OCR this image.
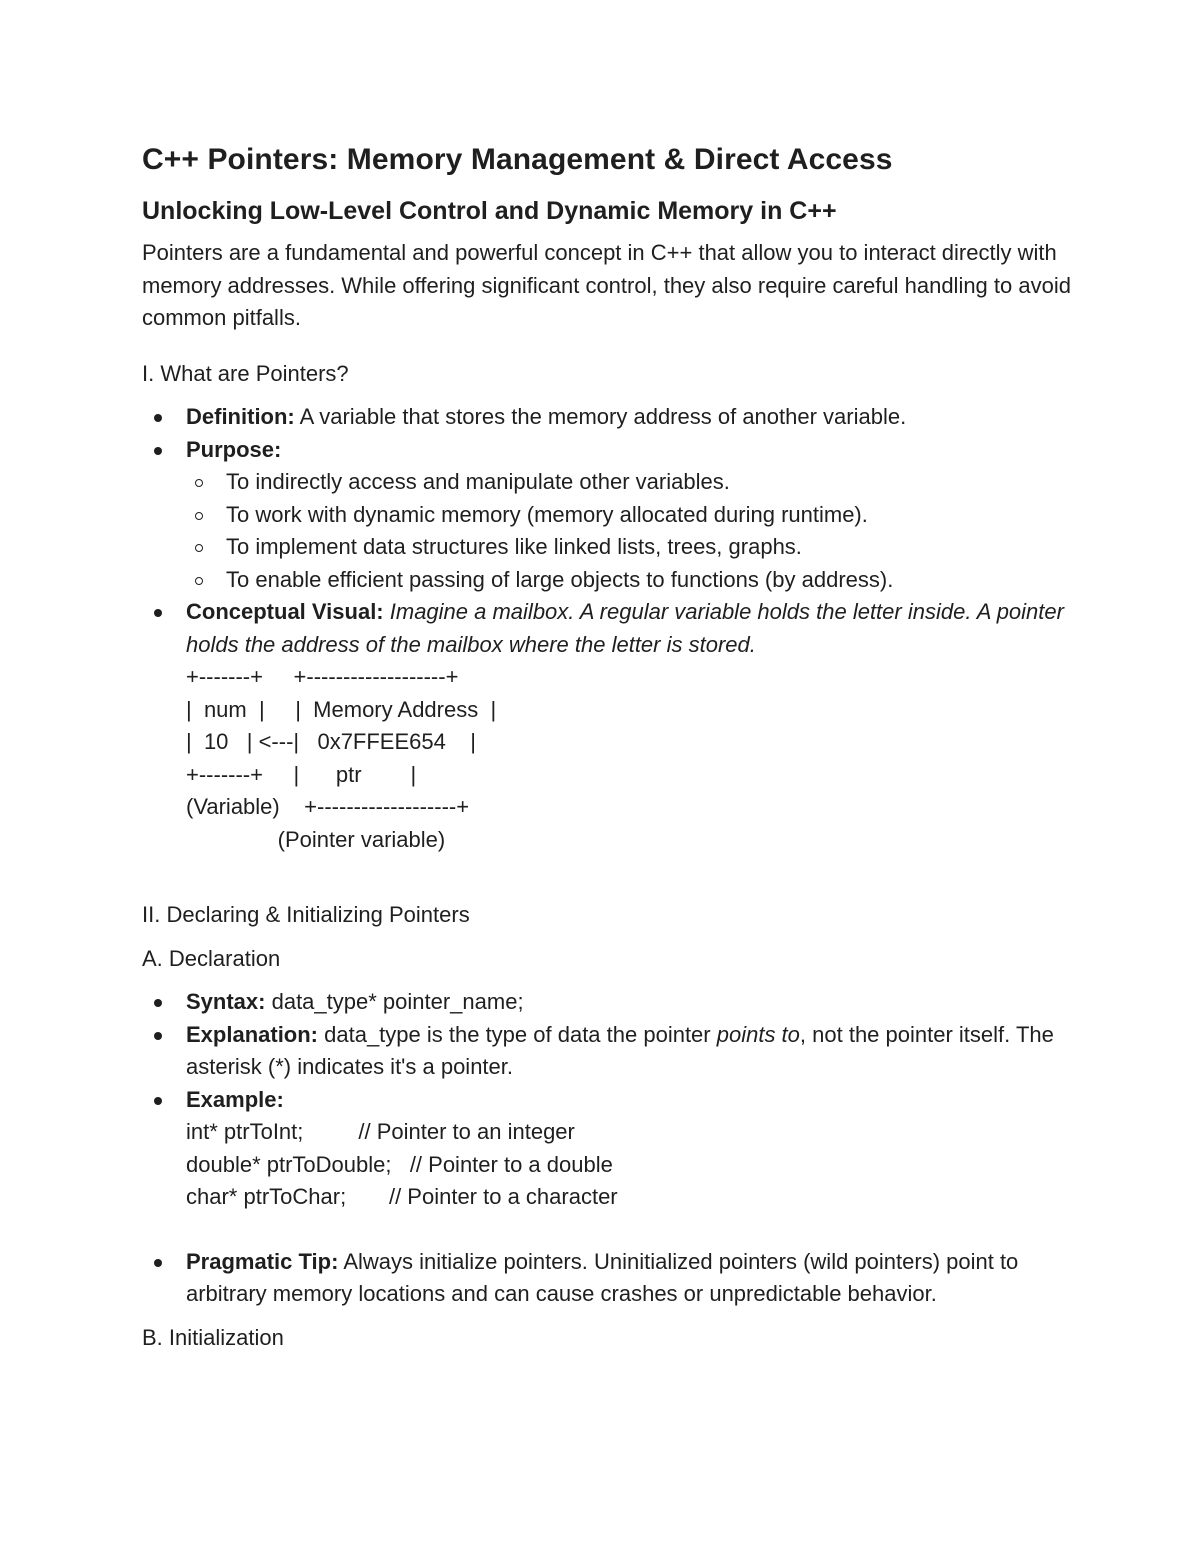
C++ Pointers: Memory Management & Direct Access
Unlocking Low-Level Control and Dynamic Memory in C++

Pointers are a fundamental and powerful concept in C++ that allow you to interact directly with memory addresses. While offering significant control, they also require careful handling to avoid common pitfalls.

I. What are Pointers?

Definition: A variable that stores the memory address of another variable.
Purpose:
To indirectly access and manipulate other variables.
To work with dynamic memory (memory allocated during runtime).
To implement data structures like linked lists, trees, graphs.
To enable efficient passing of large objects to functions (by address).
Conceptual Visual: Imagine a mailbox. A regular variable holds the letter inside. A pointer holds the address of the mailbox where the letter is stored.
+-------+     +-------------------+
|  num  |     |  Memory Address  |
|  10   | <---|   0x7FFEE654    |
+-------+     |      ptr        |
(Variable)    +-------------------+
(Pointer variable)

II. Declaring & Initializing Pointers

A. Declaration

Syntax: data_type* pointer_name;
Explanation: data_type is the type of data the pointer points to, not the pointer itself. The asterisk (*) indicates it's a pointer.
Example:
int* ptrToInt;         // Pointer to an integer
double* ptrToDouble;   // Pointer to a double
char* ptrToChar;       // Pointer to a character
Pragmatic Tip: Always initialize pointers. Uninitialized pointers (wild pointers) point to arbitrary memory locations and can cause crashes or unpredictable behavior.

B. Initialization
